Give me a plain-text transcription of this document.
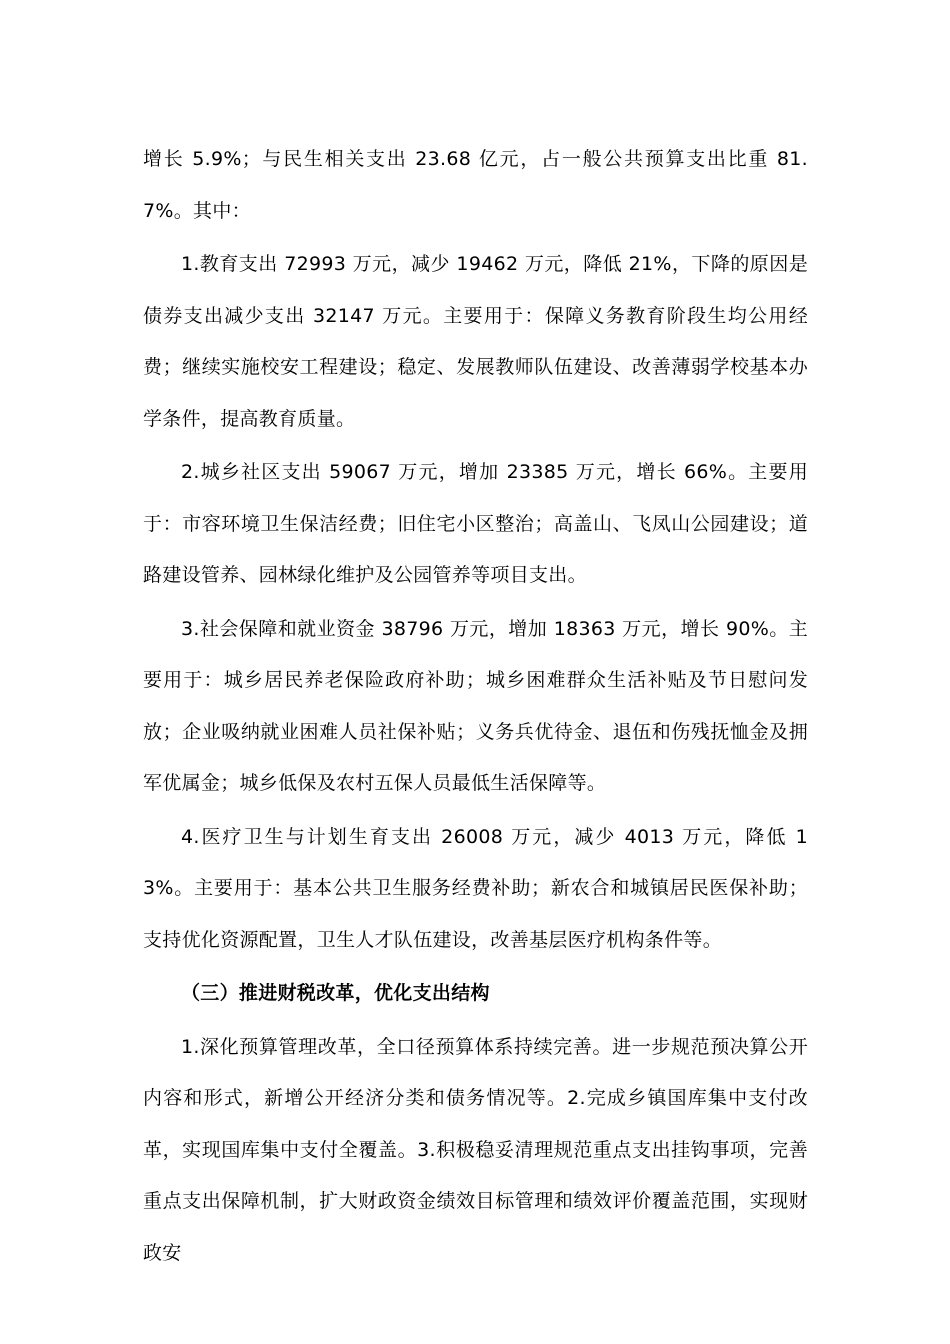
增长 5.9%；与民生相关支出 23.68 亿元，占一般公共预算支出比重 81.7%。其中：

1.教育支出 72993 万元，减少 19462 万元，降低 21%，下降的原因是债券支出减少支出 32147 万元。主要用于：保障义务教育阶段生均公用经费；继续实施校安工程建设；稳定、发展教师队伍建设、改善薄弱学校基本办学条件，提高教育质量。

2.城乡社区支出 59067 万元，增加 23385 万元，增长 66%。主要用于：市容环境卫生保洁经费；旧住宅小区整治；高盖山、飞凤山公园建设；道路建设管养、园林绿化维护及公园管养等项目支出。

3.社会保障和就业资金 38796 万元，增加 18363 万元，增长 90%。主要用于：城乡居民养老保险政府补助；城乡困难群众生活补贴及节日慰问发放；企业吸纳就业困难人员社保补贴；义务兵优待金、退伍和伤残抚恤金及拥军优属金；城乡低保及农村五保人员最低生活保障等。

4.医疗卫生与计划生育支出 26008 万元，减少 4013 万元，降低 13%。主要用于：基本公共卫生服务经费补助；新农合和城镇居民医保补助；支持优化资源配置，卫生人才队伍建设，改善基层医疗机构条件等。

（三）推进财税改革，优化支出结构

1.深化预算管理改革，全口径预算体系持续完善。进一步规范预决算公开内容和形式，新增公开经济分类和债务情况等。2.完成乡镇国库集中支付改革，实现国库集中支付全覆盖。3.积极稳妥清理规范重点支出挂钩事项，完善重点支出保障机制，扩大财政资金绩效目标管理和绩效评价覆盖范围，实现财政安
